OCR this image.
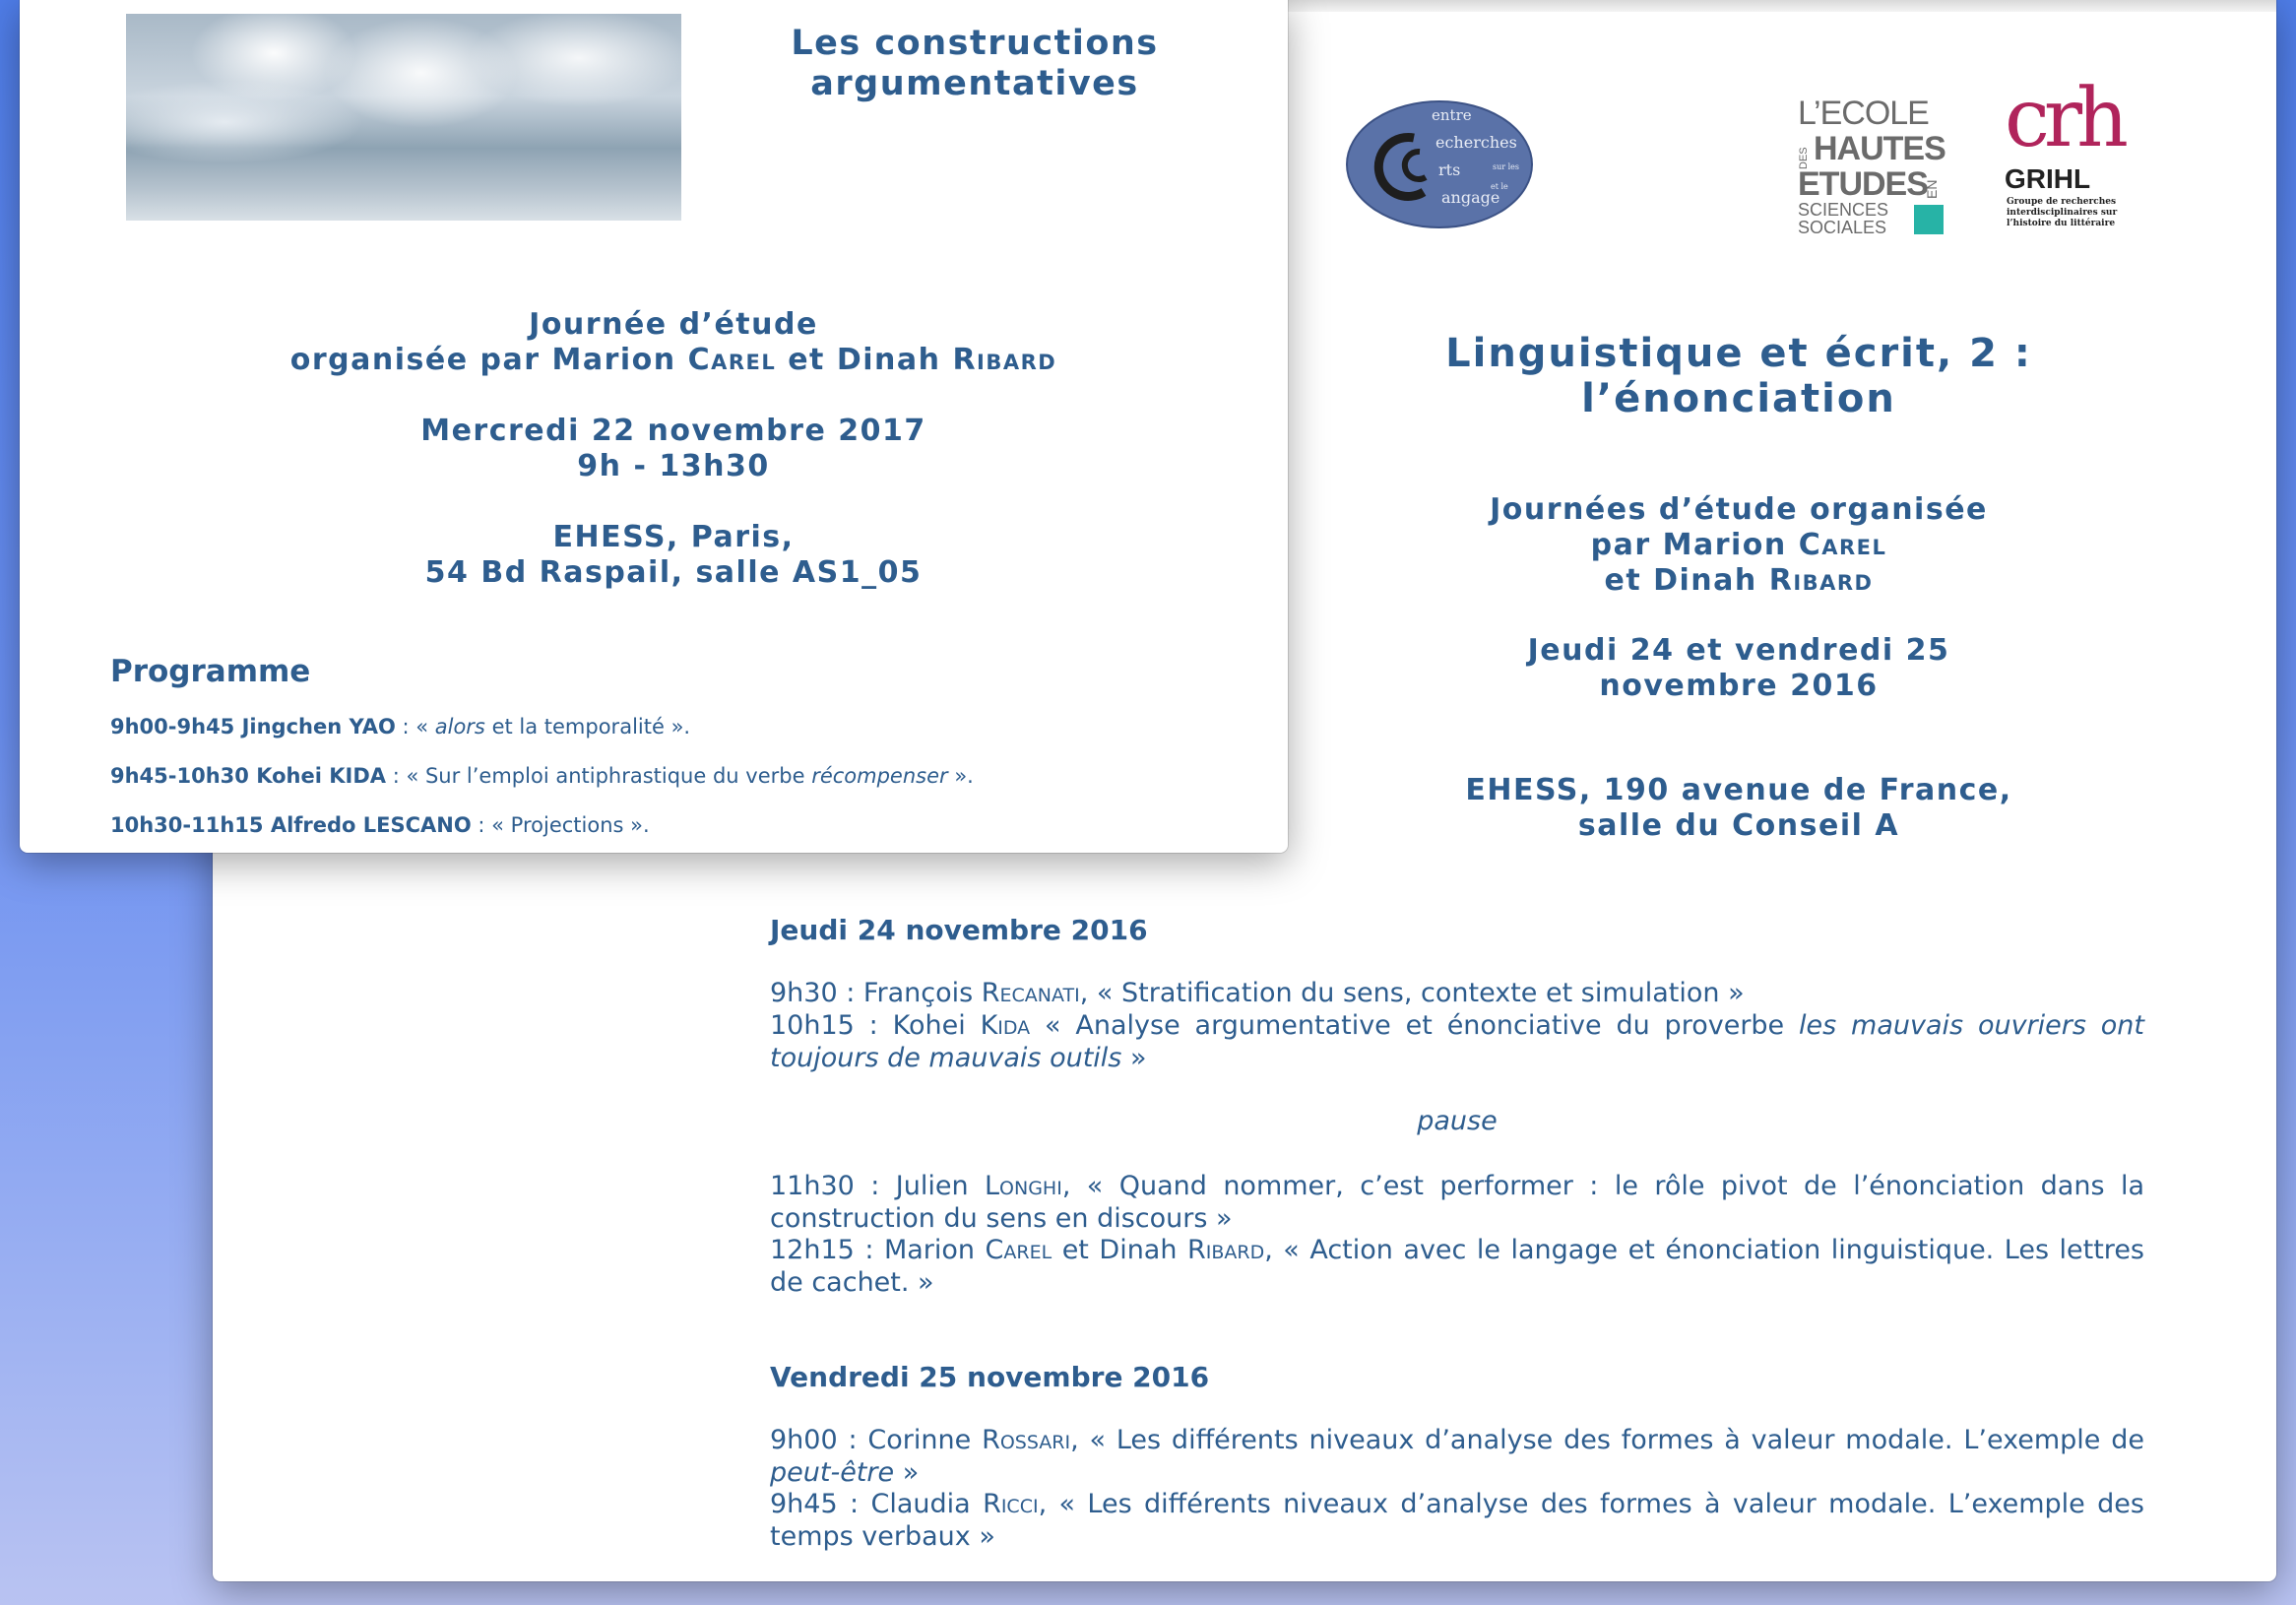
entre
echerches
rts
angage
sur les
et le
L’ECOLE
DES HAUTES
ETUDES
EN
SCIENCES
SOCIALES
crh
GRIHL
Groupe de recherches
interdisciplinaires sur
l’histoire du littéraire
Linguistique et écrit, 2 :
l’énonciation
Journées d’étude organisée
par Marion Carel
et Dinah Ribard
Jeudi 24 et vendredi 25
novembre 2016
EHESS, 190 avenue de France,
salle du Conseil A
Jeudi 24 novembre 2016
9h30 : François Recanati, « Stratification du sens, contexte et simulation »
10h15 : Kohei Kida « Analyse argumentative et énonciative du proverbe les mauvais ouvriers ont toujours de mauvais outils »
pause
11h30 : Julien Longhi, « Quand nommer, c’est performer : le rôle pivot de l’énonciation dans la construction du sens en discours »
12h15 : Marion Carel et Dinah Ribard, « Action avec le langage et énonciation linguistique. Les lettres de cachet. »
Vendredi 25 novembre 2016
9h00 : Corinne Rossari, « Les différents niveaux d’analyse des formes à valeur modale. L’exemple de peut-être »
9h45 : Claudia Ricci, « Les différents niveaux d’analyse des formes à valeur modale. L’exemple des temps verbaux »
Les constructions
argumentatives
Journée d’étude
organisée par Marion Carel et Dinah Ribard
Mercredi 22 novembre 2017
9h - 13h30
EHESS, Paris,
54 Bd Raspail, salle AS1_05
Programme
9h00-9h45 Jingchen YAO : « alors et la temporalité ».
9h45-10h30 Kohei KIDA : « Sur l’emploi antiphrastique du verbe récompenser ».
10h30-11h15 Alfredo LESCANO : « Projections ».
